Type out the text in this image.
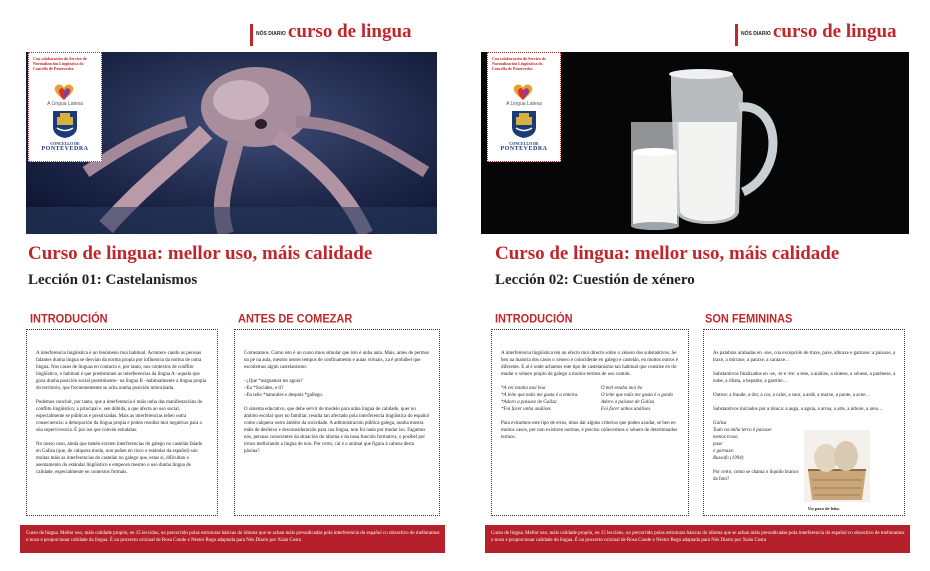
NÓS DIARIO curso de lingua
Coa colaboración do Servizo de Normalización Lingüística do Concello de Pontevedra
A Lingua Latexa
CONCELLO DE
PONTEVEDRA
Curso de lingua: mellor uso, máis calidade
Lección 01: Castelanismos
INTRODUCIÓN

A interferencia lingüística é un fenómeno moi habitual. Acontece cando as persoas falantes dunha lingua se desvían da norma propia por influencia da norma de outra lingua. Nos casos de linguas en contacto e, por tanto, nos contextos de conflito lingüístico, o habitual é que predominen as interferencias da lingua A –aquela que goza dunha posición social preeminente– na lingua B –habitualmente a lingua propia do territorio, que frecuentemente se acha nunha posición minorizada.

Podemos concluír, por tanto, que a interferencia é máis unha das manifestacións do conflito lingüístico; a principal e, sen dúbida, a que afecta ao uso social, especialmente se públicas e prestixiadas. Mais as interferencias teñen outra consecuencia: a deturpación da lingua propia e poden resultar moi negativas para a súa supervivencia. É por iso que convén estudalas.

No nosso caso, ainda que tamén existen interferencias do galego no castelán falado en Galiza (que, de calquera modo, non puñen en risco o estándar da español) son moitas máis as interferencias do castelán no galego que, estas si, dificultan o asentamento do estándar lingüístico e empecen mesmo o uso dunha lingua de calidade, especialmente en contextos formais.

ANTES DE COMEZAR

Comezamos. Como isto é un curso imos simular que isto é unha aula. Mais, antes de permos un pé na aula, mesmo nestes tempos de confinamento e aulas virtuais, xa é probábel que escoitemos algún castelanismo:

–¿Que *asignatura tes agora?
–Eu *Sociales, e ti?
–Eu teño *naturales e despois *gallego.

O sistema educativo, que debe servir de modelo para unha lingua de calidade, quer no ámbito escolar quer no familiar, resulta tan afectado pola interferencia lingüística do español como calquera outro ámbito da sociedade. A administración pública galega, nunha mostra máis de desleixo e desconsideración para coa lingua, non foi nada por mudar iso. Fagamos nós, persoas conscientes da situación do idioma e da nosa función formativa, o posíbel por irmos mellorando a lingua de noo. Por certo, cal é o animal que figura á cabeza desta páxina?

Curso de lingua. Mellor uso, máis calidade propón, en 15 leccións, un percorrido polas estruturas básicas do idioma que se achan máis prexudicadas pola interferencia do español co obxectivo de melloramos o noso e proporcionar calidade da lingua. É un proxecto orixinal de Rosa Conde e Néstor Rego adaptada para Nós Diario por Xoán Costa
NÓS DIARIO curso de lingua
Coa colaboración do Servizo de Normalización Lingüística do Concello de Pontevedra
A Lingua Latexa
CONCELLO DE
PONTEVEDRA
Curso de lingua: mellor uso, máis calidade
Lección 02: Cuestión de xénero
INTRODUCIÓN

A interferencia lingüística ten un efecto moi directo sobre o xénero dos substantivos. Se ben na maioría dos casos o xénero é coincidente en galego e castelán, en moitos outros é diferente. E aí é onde achamos este tipo de castelanismo tan habitual que consiste en ilo mudar o xénero propio da galego a moitos termos de uso común.

*A vel estaba moi boa	O mel estaba moi bo
*A leite que máis me gusta é a enteira.	O leite que máis me gusta é o gordo
*Adoro a paisaxe de Galiza	Adoro a paisaxe de Galiza
*Fai facer unha análises	Foi facer unhas análises

Para evitarmos este tipo de erros, imos dar algúns criterios que poden axudar, se ben en moitos casos, por non existiren normas, é preciso coñecermos o xénero de determinados termos.

SON FEMININAS

As palabras acabadas en -axe, coa excepción de traxe, paxe, albraxe e garnaxe: a paisaxe, a traxe, a mirraxe, a paraxe, a caniaxe…

Substantivos finalizados en -se, -te e -tre: a tese, a análise, a síntese, a xénese, a parénese, a nube, a riñata, a hepatite, a gastrite…

Outros: a fraude, a dor, a cor, a calor, a suor, a ardé, a marxe, a ponte, a acne…

Substantivos iniciados por a tónica: a auga, a aguia, a arroa, a arte, a árbore, a area…

Galiza
Todo na miña terra é paisaxe
menos traxe,
paxe
e garnaxe.
Russofo (1994)

Por certo, como se chama o líquido branco da foto?

Un paco de leña.
Curso de lingua. Mellor uso, máis calidade propón, en 15 leccións, un percorrido polas estruturas básicas do idioma que se achan máis prexudicadas pola interferencia do español co obxectivo de melloramos o noso e proporcionar calidade da lingua. É un proxecto orixinal de Rosa Conde e Néstor Rego adaptada para Nós Diario por Xoán Costa
